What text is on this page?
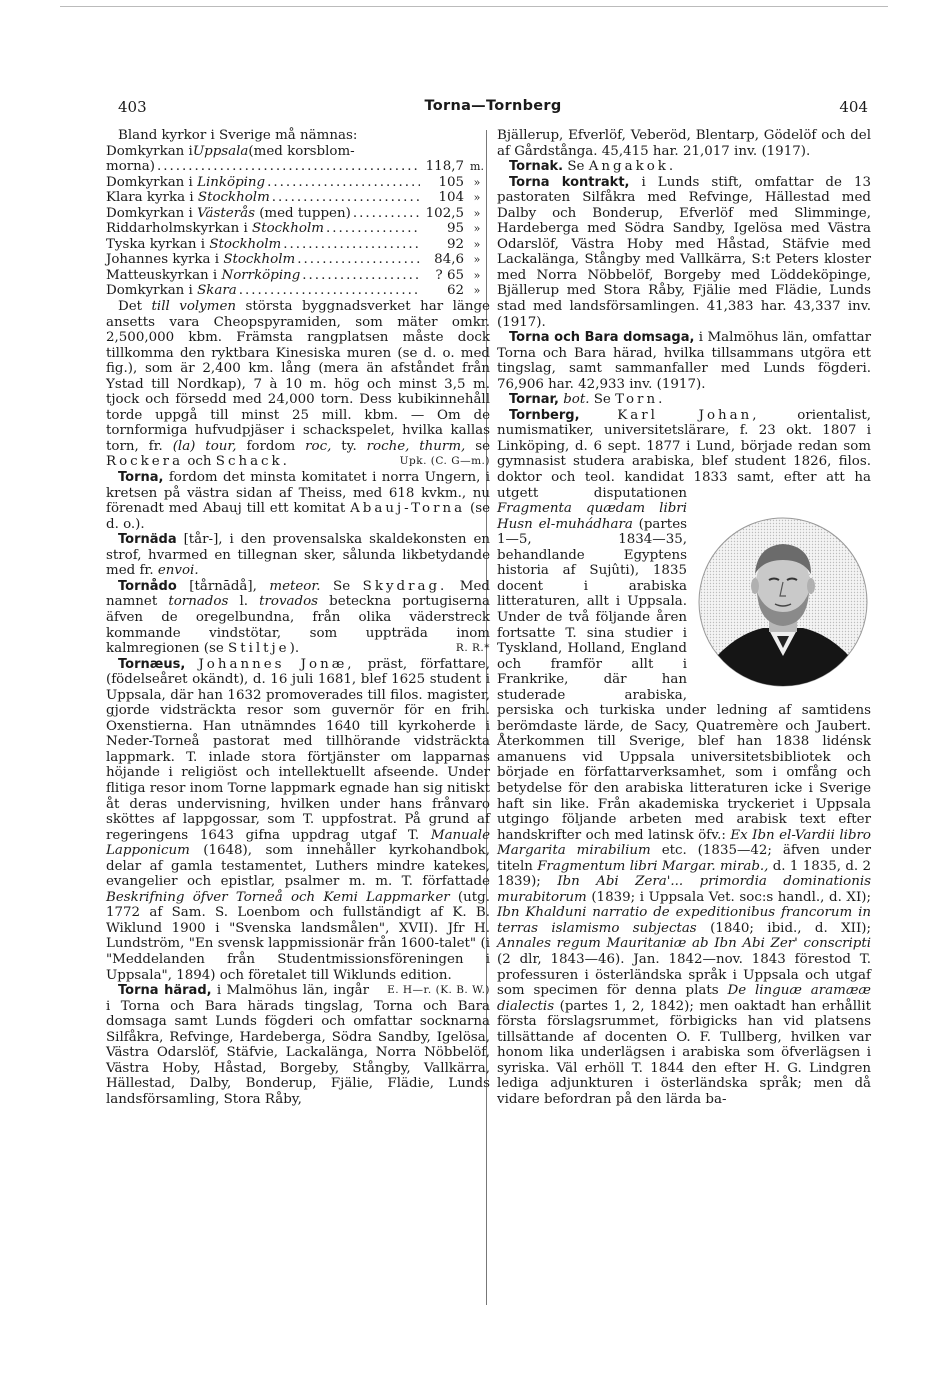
403	Torna—Tornberg	404

Bland kyrkor i Sverige må nämnas:

Domkyrkan i Uppsala (med korsblom-
morna) .....	118,7 m.
Domkyrkan i Linköping .....	105 »
Klara kyrka i Stockholm .....	104 »
Domkyrkan i Västerås (med tuppen) .....	102,5 »
Riddarholmskyrkan i Stockholm .....	95 »
Tyska kyrkan i Stockholm .....	92 »
Johannes kyrka i Stockholm .....	84,6 »
Matteuskyrkan i Norrköping .....	? 65 »
Domkyrkan i Skara .....	62 »

Det till volymen största byggnadsverket har länge ansetts vara Cheopspyramiden, som mäter omkr. 2,500,000 kbm. Främsta rangplatsen måste dock tillkomma den ryktbara Kinesiska muren (se d. o. med fig.), som är 2,400 km. lång (mera än afståndet från Ystad till Nordkap), 7 à 10 m. hög och minst 3,5 m. tjock och försedd med 24,000 torn. Dess kubikinnehåll torde uppgå till minst 25 mill. kbm. — Om de tornformiga hufvudpjäser i schackspelet, hvilka kallas torn, fr. (la) tour, fordom roc, ty. roche, thurm, se Rockera och Schack.	Upk. (C. G—m.)

Torna, fordom det minsta komitatet i norra Ungern, i kretsen på västra sidan af Theiss, med 618 kvkm., nu förenadt med Abauj till ett komitat Abauj-Torna (se d. o.).

Tornäda [tår-], i den provensalska skaldekonsten en strof, hvarmed en tillegnan sker, sålunda likbetydande med fr. envoi.

Tornådo [tårnādå], meteor. Se Skydrag. Med namnet tornados l. trovados beteckna portugiserna äfven de oregelbundna, från olika väderstreck kommande vindstötar, som uppträda inom kalmregionen (se Stiltje).	R. R.*

Tornæus, Johannes Jonæ, präst, författare, (födelseåret okändt), d. 16 juli 1681, blef 1625 student i Uppsala, där han 1632 promoverades till filos. magister, gjorde vidsträckta resor som guvernör för en frih. Oxenstierna. Han utnämndes 1640 till kyrkoherde i Neder-Torneå pastorat med tillhörande vidsträckta lappmark. T. inlade stora förtjänster om lapparnas höjande i religiöst och intellektuellt afseende. Under flitiga resor inom Torne lappmark egnade han sig nitiskt åt deras undervisning, hvilken under hans frånvaro sköttes af lappgossar, som T. uppfostrat. På grund af regeringens 1643 gifna uppdrag utgaf T. Manuale Lapponicum (1648), som innehåller kyrkohandbok, delar af gamla testamentet, Luthers mindre katekes, evangelier och epistlar, psalmer m. m. T. författade Beskrifning öfver Torneå och Kemi Lappmarker (utg. 1772 af Sam. S. Loenbom och fullständigt af K. B. Wiklund 1900 i "Svenska landsmålen", XVII). Jfr H. Lundström, "En svensk lappmissionär från 1600-talet" (i "Meddelanden från Studentmissionsföreningen i Uppsala", 1894) och företalet till Wiklunds edition.
E. H—r. (K. B. W.)

Torna härad, i Malmöhus län, ingår i Torna och Bara härads tingslag, Torna och Bara domsaga samt Lunds fögderi och omfattar socknarna Silfåkra, Refvinge, Hardeberga, Södra Sandby, Igelösa, Västra Odarslöf, Stäfvie, Lackalänga, Norra Nöbbelöf, Västra Hoby, Håstad, Borgeby, Stångby, Vallkärra, Hällestad, Dalby, Bonderup, Fjälie, Flädie, Lunds landsförsamling, Stora Råby,

Bjällerup, Efverlöf, Veberöd, Blentarp, Gödelöf och del af Gårdstånga. 45,415 har. 21,017 inv. (1917).

Tornak. Se Angakok.

Torna kontrakt, i Lunds stift, omfattar de 13 pastoraten Silfåkra med Refvinge, Hällestad med Dalby och Bonderup, Efverlöf med Slimminge, Hardeberga med Södra Sandby, Igelösa med Västra Odarslöf, Västra Hoby med Håstad, Stäfvie med Lackalänga, Stångby med Vallkärra, S:t Peters kloster med Norra Nöbbelöf, Borgeby med Löddeköpinge, Bjällerup med Stora Råby, Fjälie med Flädie, Lunds stad med landsförsamlingen. 41,383 har. 43,337 inv. (1917).

Torna och Bara domsaga, i Malmöhus län, omfattar Torna och Bara härad, hvilka tillsammans utgöra ett tingslag, samt sammanfaller med Lunds fögderi. 76,906 har. 42,933 inv. (1917).

Tornar, bot. Se Torn.

Tornberg,	Karl Johan, orientalist, numismatiker, universitetslärare, f. 23 okt. 1807 i Linköping, d. 6 sept. 1877 i Lund, började redan som gymnasist studera arabiska, blef student 1826, filos. doktor och teol. kandidat 1833 samt, efter att ha utgett disputationen
Fragmenta quædam libri Husn el-muhádhara (partes 1—5, 1834—35, behandlande Egyptens historia af Sujûti), 1835 docent i arabiska litteraturen, allt i Uppsala. Under de två följande åren fortsatte T. sina studier i Tyskland, Holland, England och framför allt i Frankrike, där han studerade arabiska, persiska och turkiska under ledning af samtidens berömdaste lärde, de Sacy, Quatremère och Jaubert. Återkommen till Sverige, blef han 1838 lidénsk amanuens vid Uppsala universitetsbibliotek och började en författarverksamhet, som i omfång och betydelse för den arabiska litteraturen icke i Sverige haft sin like. Från akademiska tryckeriet i Uppsala utgingo följande arbeten med arabisk text efter handskrifter och med latinsk öfv.: Ex Ibn el-Vardii libro Margarita mirabilium etc. (1835—42; äfven under titeln Fragmentum libri Margar. mirab., d. 1 1835, d. 2 1839); Ibn Abi Zera'... primordia dominationis murabitorum (1839; i Uppsala Vet. soc:s handl., d. XI); Ibn Khalduni narratio de expeditionibus francorum in terras islamismo subjectas (1840; ibid., d. XII); Annales regum Mauritaniæ ab Ibn Abi Zer' conscripti (2 dlr, 1843—46). Jan. 1842—nov. 1843 förestod T. professuren i österländska språk i Uppsala och utgaf som specimen för denna plats De linguæ aramææ dialectis (partes 1, 2, 1842); men oaktadt han erhållit första förslagsrummet, förbigicks han vid platsens tillsättande af docenten O. F. Tullberg, hvilken var honom lika underlägsen i arabiska som öfverlägsen i syriska. Väl erhöll T. 1844 den efter H. G. Lindgren lediga adjunkturen i österländska språk; men då vidare befordran på den lärda ba-
